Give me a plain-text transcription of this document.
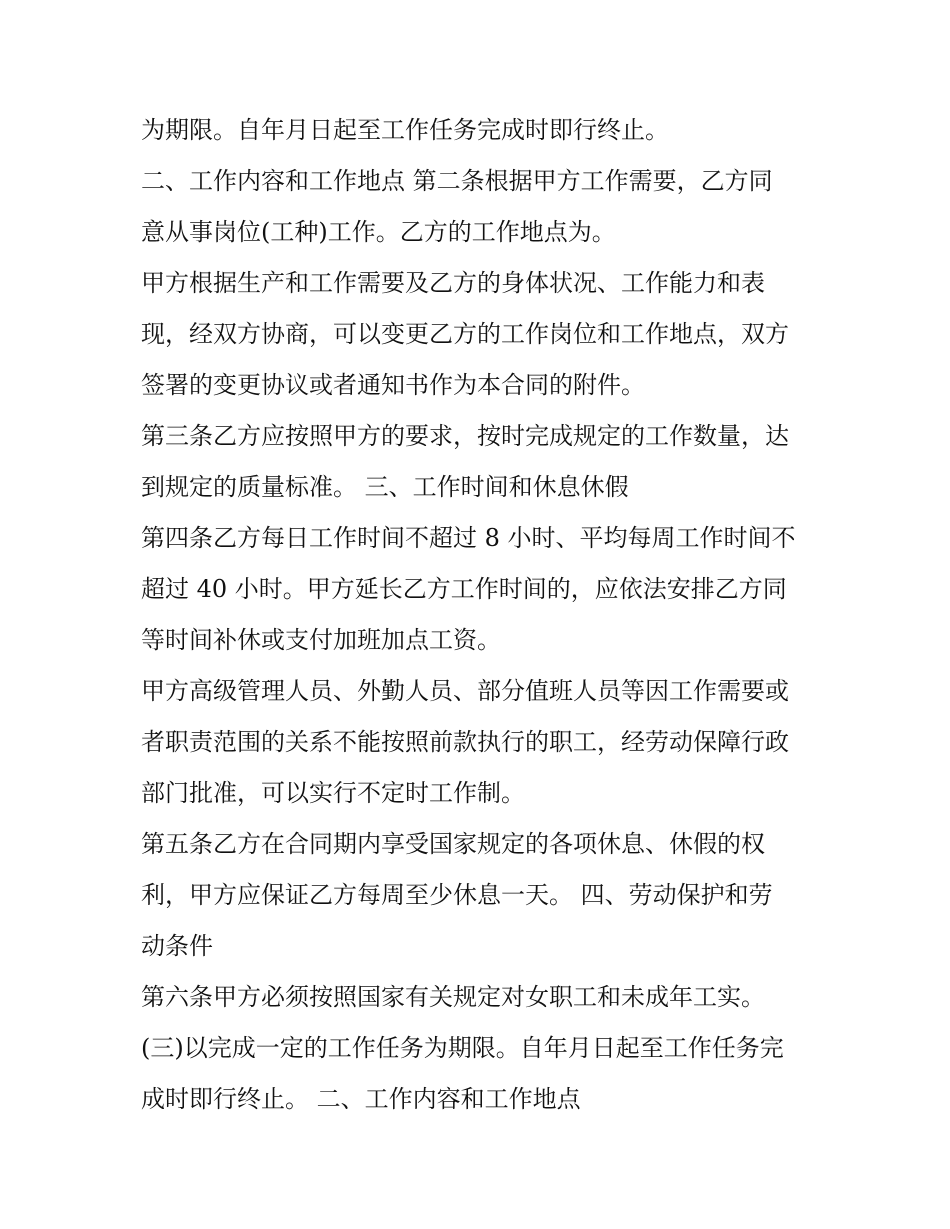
为期限。自年月日起至工作任务完成时即行终止。
二、工作内容和工作地点 第二条根据甲方工作需要，乙方同
意从事岗位(工种)工作。乙方的工作地点为。
甲方根据生产和工作需要及乙方的身体状况、工作能力和表
现，经双方协商，可以变更乙方的工作岗位和工作地点，双方
签署的变更协议或者通知书作为本合同的附件。
第三条乙方应按照甲方的要求，按时完成规定的工作数量，达
到规定的质量标准。 三、工作时间和休息休假
第四条乙方每日工作时间不超过 8 小时、平均每周工作时间不
超过 40 小时。甲方延长乙方工作时间的，应依法安排乙方同
等时间补休或支付加班加点工资。
甲方高级管理人员、外勤人员、部分值班人员等因工作需要或
者职责范围的关系不能按照前款执行的职工，经劳动保障行政
部门批准，可以实行不定时工作制。
第五条乙方在合同期内享受国家规定的各项休息、休假的权
利，甲方应保证乙方每周至少休息一天。 四、劳动保护和劳
动条件
第六条甲方必须按照国家有关规定对女职工和未成年工实。
(三)以完成一定的工作任务为期限。自年月日起至工作任务完
成时即行终止。 二、工作内容和工作地点
